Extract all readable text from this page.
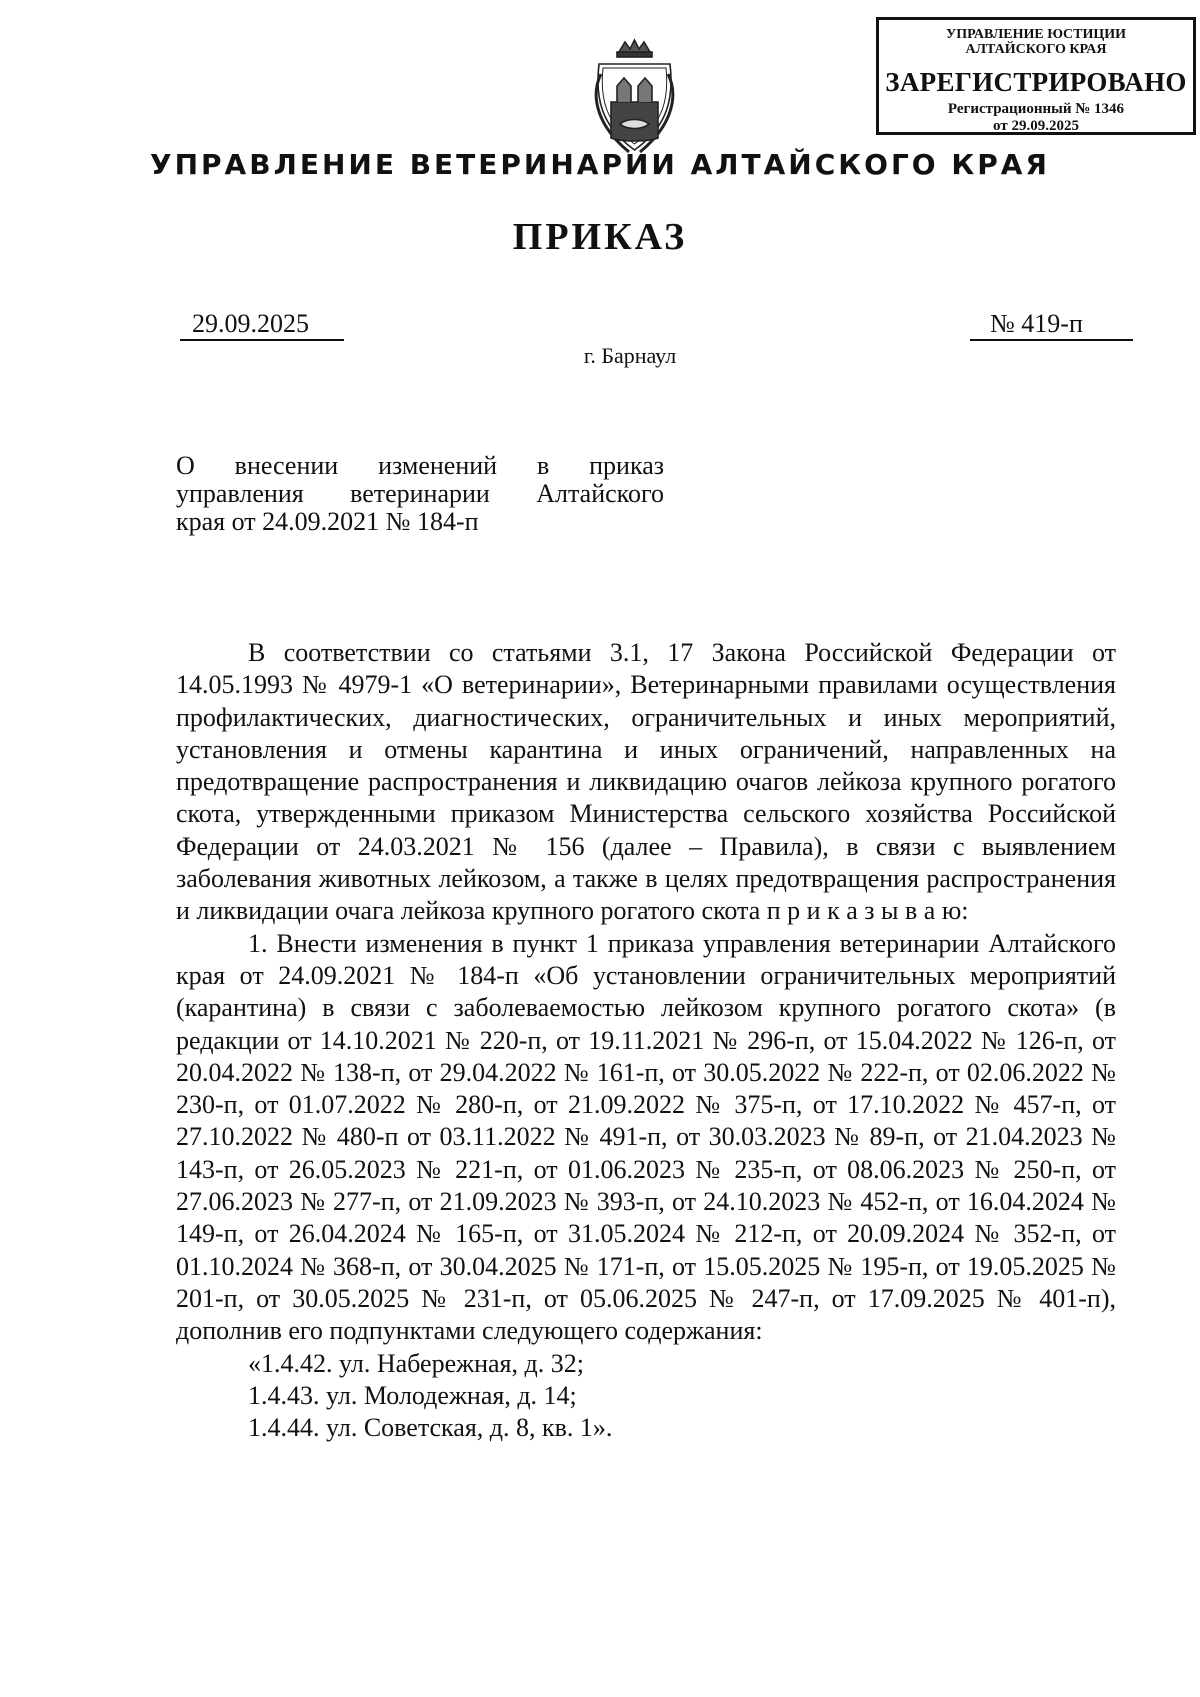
УПРАВЛЕНИЕ ЮСТИЦИИ
АЛТАЙСКОГО КРАЯ
ЗАРЕГИСТРИРОВАНО
Регистрационный № 1346
от 29.09.2025
УПРАВЛЕНИЕ ВЕТЕРИНАРИИ АЛТАЙСКОГО КРАЯ
ПРИКАЗ
29.09.2025	№ 419-п
г. Барнаул
О внесении изменений в приказ
управления ветеринарии Алтайского
края от 24.09.2021 № 184-п

В соответствии со статьями 3.1, 17 Закона Российской Федерации от 14.05.1993 № 4979-1 «О ветеринарии», Ветеринарными правилами осуществления профилактических, диагностических, ограничительных и иных мероприятий, установления и отмены карантина и иных ограничений, направленных на предотвращение распространения и ликвидацию очагов лейкоза крупного рогатого скота, утвержденными приказом Министерства сельского хозяйства Российской Федерации от 24.03.2021 № 156 (далее – Правила), в связи с выявлением заболевания животных лейкозом, а также в целях предотвращения распространения и ликвидации очага лейкоза крупного рогатого скота п р и к а з ы в а ю:

1. Внести изменения в пункт 1 приказа управления ветеринарии Алтайского края от 24.09.2021 № 184-п «Об установлении ограничительных мероприятий (карантина) в связи с заболеваемостью лейкозом крупного рогатого скота» (в редакции от 14.10.2021 № 220-п, от 19.11.2021 № 296-п, от 15.04.2022 № 126-п, от 20.04.2022 № 138-п, от 29.04.2022 № 161-п, от 30.05.2022 № 222-п, от 02.06.2022 № 230-п, от 01.07.2022 № 280-п, от 21.09.2022 № 375-п, от 17.10.2022 № 457-п, от 27.10.2022 № 480-п от 03.11.2022 № 491-п, от 30.03.2023 № 89-п, от 21.04.2023 № 143-п, от 26.05.2023 № 221-п, от 01.06.2023 № 235-п, от 08.06.2023 № 250-п, от 27.06.2023 № 277-п, от 21.09.2023 № 393-п, от 24.10.2023 № 452-п, от 16.04.2024 № 149-п, от 26.04.2024 № 165-п, от 31.05.2024 № 212-п, от 20.09.2024 № 352-п, от 01.10.2024 № 368-п, от 30.04.2025 № 171-п, от 15.05.2025 № 195-п, от 19.05.2025 № 201-п, от 30.05.2025 № 231-п, от 05.06.2025 № 247-п, от 17.09.2025 № 401-п), дополнив его подпунктами следующего содержания:

«1.4.42. ул. Набережная, д. 32;

1.4.43. ул. Молодежная, д. 14;

1.4.44. ул. Советская, д. 8, кв. 1».
